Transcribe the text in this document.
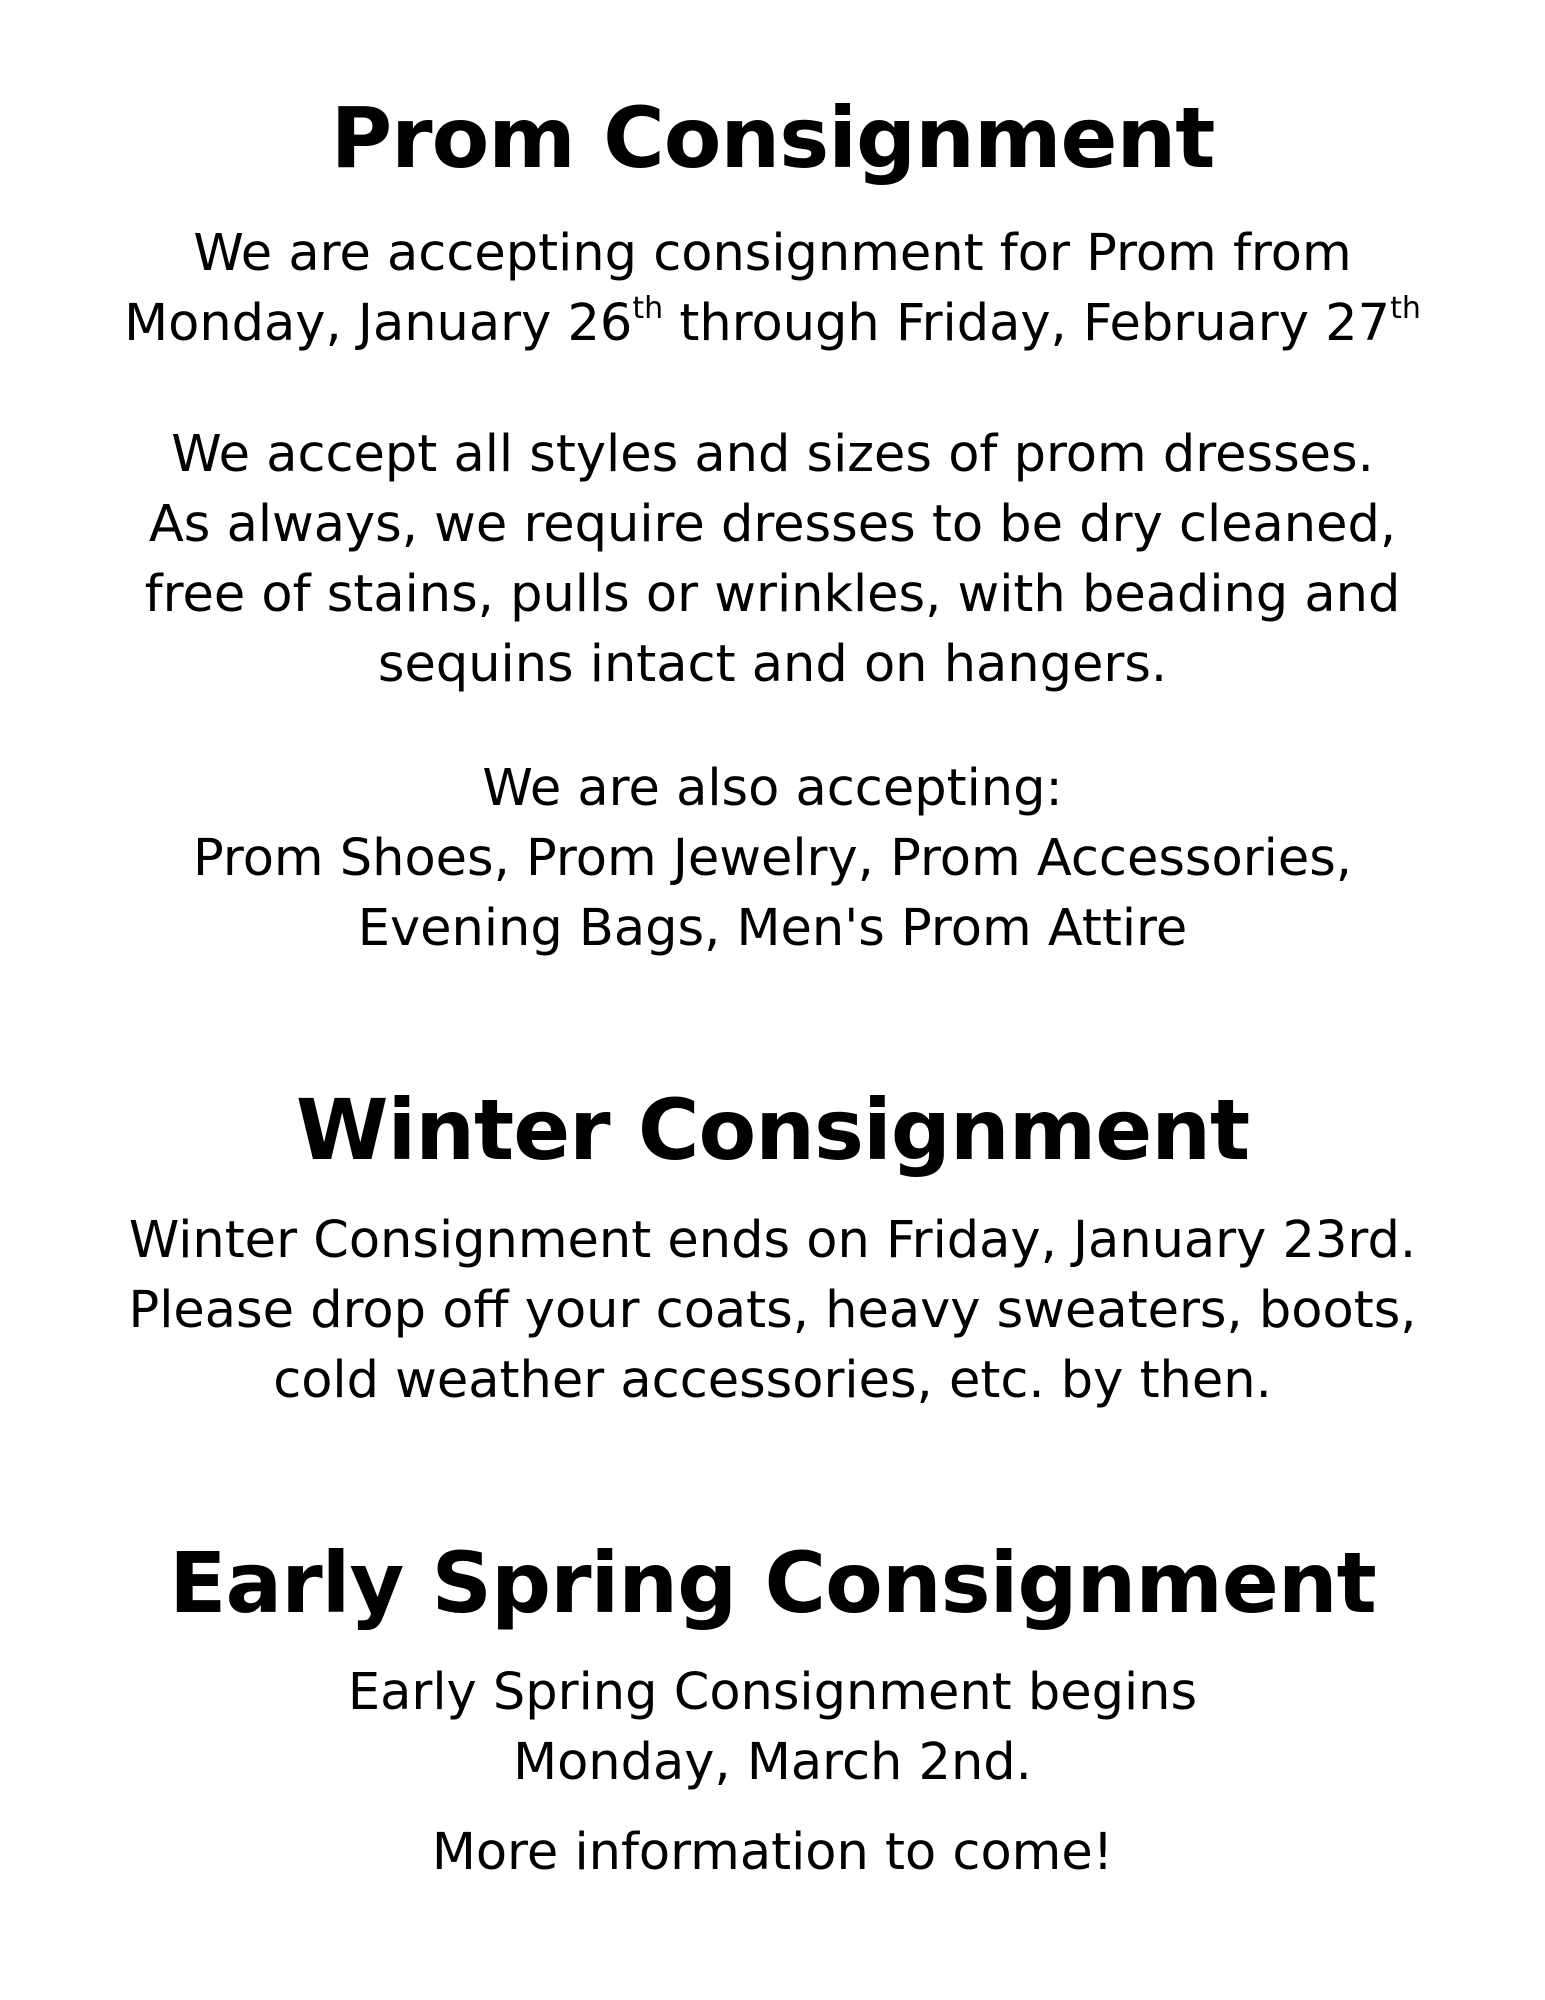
Prom Consignment

We are accepting consignment for Prom from
Monday, January 26th through Friday, February 27th

We accept all styles and sizes of prom dresses.
As always, we require dresses to be dry cleaned,
free of stains, pulls or wrinkles, with beading and
sequins intact and on hangers.

We are also accepting:
Prom Shoes, Prom Jewelry, Prom Accessories,
Evening Bags, Men's Prom Attire

Winter Consignment

Winter Consignment ends on Friday, January 23rd.
Please drop off your coats, heavy sweaters, boots,
cold weather accessories, etc. by then.

Early Spring Consignment

Early Spring Consignment begins
Monday, March 2nd.

More information to come!
